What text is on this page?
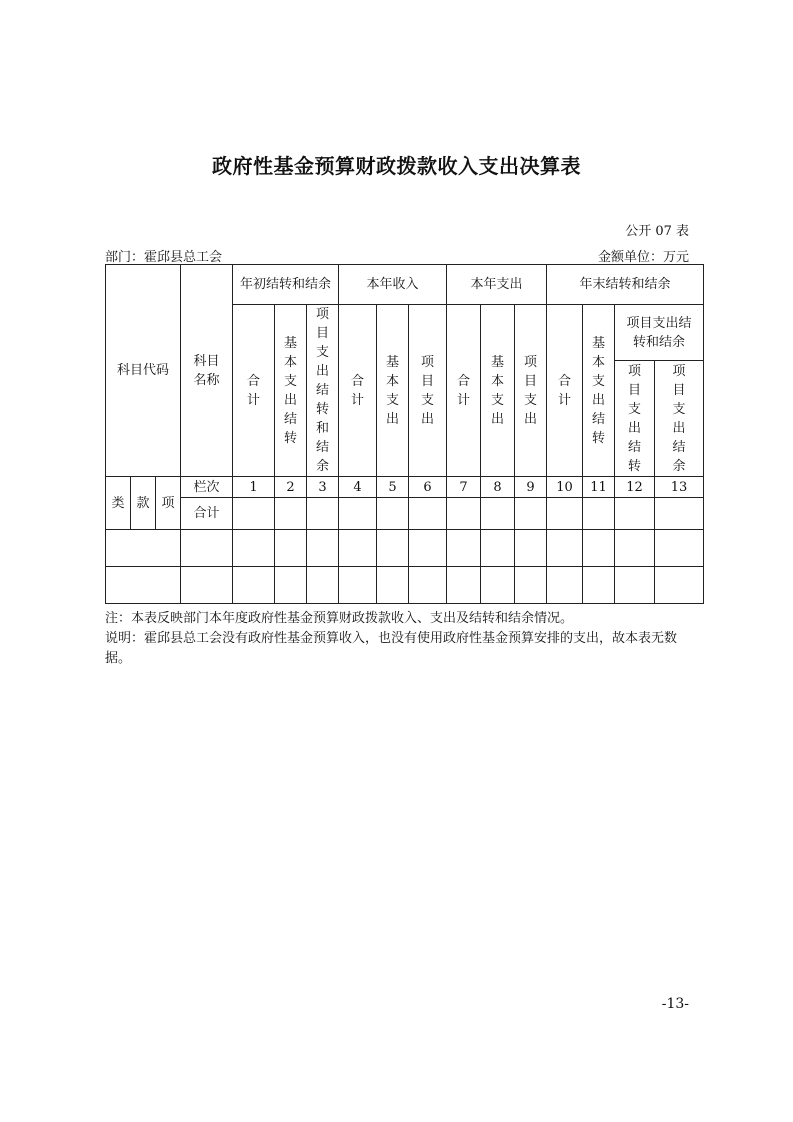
政府性基金预算财政拨款收入支出决算表
公开 07 表
部门：霍邱县总工会	金额单位：万元
科目代码			科目名称	年初结转和结余			本年收入			本年支出			年末结转和结余			
				合计	基本支出结转	项目支出结转和结余	合计	基本支出	项目支出	合计	基本支出	项目支出	合计	基本支出结转	项目支出结转和结余	
															项目支出结转	项目支出结余
类	款	项	栏次	1	2	3	4	5	6	7	8	9	10	11	12	13
			合计													

注：本表反映部门本年度政府性基金预算财政拨款收入、支出及结转和结余情况。

说明：霍邱县总工会没有政府性基金预算收入，也没有使用政府性基金预算安排的支出，故本表无数据。

-13-
